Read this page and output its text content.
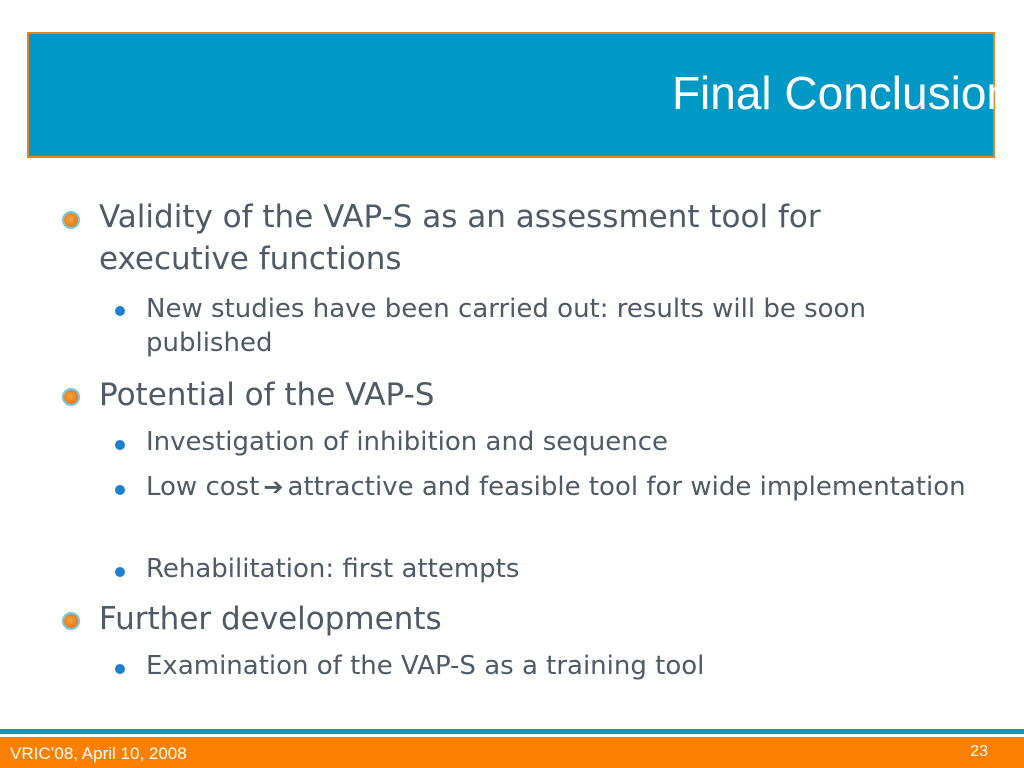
Final Conclusion
Validity of the VAP-S as an assessment tool for executive functions
New studies have been carried out: results will be soon published
Potential of the VAP-S
Investigation of inhibition and sequence
Low cost ➔ attractive and feasible tool for wide implementation
Rehabilitation: first attempts
Further developments
Examination of the VAP-S as a training tool
VRIC’08, April 10, 2008	23
